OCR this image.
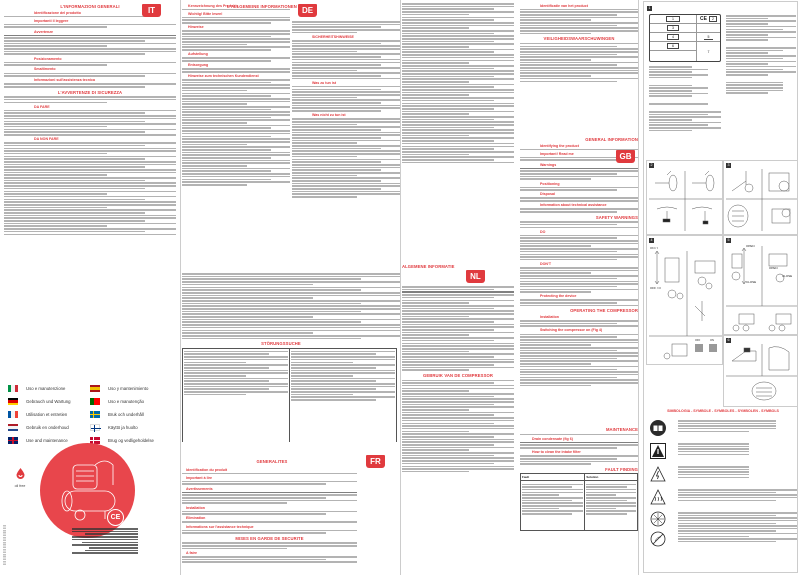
L'INFORMAZIONI GENERALI
Identificazione del prodotto
Importanti il leggere
Avvertenze
Posizionamento
Smaltimento
Informazioni sull'assistenza tecnica
L'AVVERTENZE DI SICUREZZA
DA FARE
DA NON FARE
IT
Uso e manutenzione
Gebrauch und Wartung
Utilisation et entretien
Gebruik en onderhoud
Use and maintenance
Uso y mantenimiento
Uso e manutenção
Bruk och underhåll
Käyttö ja huolto
Brug og vedligeholdelse
oil free
CE
Kennzeichnung des Produkts
Wichtig! Bitte lesen!
Hinweise
Aufstellung
Entsorgung
Hinweise zum technischen Kundendienst
L'ALLGEMEINE INFORMATIONEN DE
SICHERHEITSHINWEISE
Was zu tun ist
Was nicht zu tun ist
STÖRUNGSSUCHE

GENERALITES	FR
Identification du produit
Important à lire
Avertissements
Installation
Elimination
Informations sur l'assistance technique
MISES EN GARDE DE SECURITE
A faire
Identificatie van het product
VEILIGHEIDSWAARSCHUWINGEN
GENERAL INFORMATION
Identifying the product
Important! Read me
Warnings
Positioning
Disposal
Information about technical assistance
SAFETY WARNINGS
DO
DON'T
Protecting the device
OPERATING THE COMPRESSOR
Installation
Switching the compressor on (Fig 4)
GB
ALGEMENE INFORMATIE
NL
GEBRUIK VAN DE COMPRESSOR
MAINTENANCE
Drain condensate (fig 6)
How to clean the intake filter
FAULT FINDING
Fault	Solution

1
1	CE	2
3
4	5
6
7
2	3
4
ON / I
OFF / O
OFF	ON
5
OPEN
CLOSE
OPEN
CLOSE
6
SIMBOLOGIA - SYMBOLE - SYMBOLES - SYMBOLEN - SYMBOLS
